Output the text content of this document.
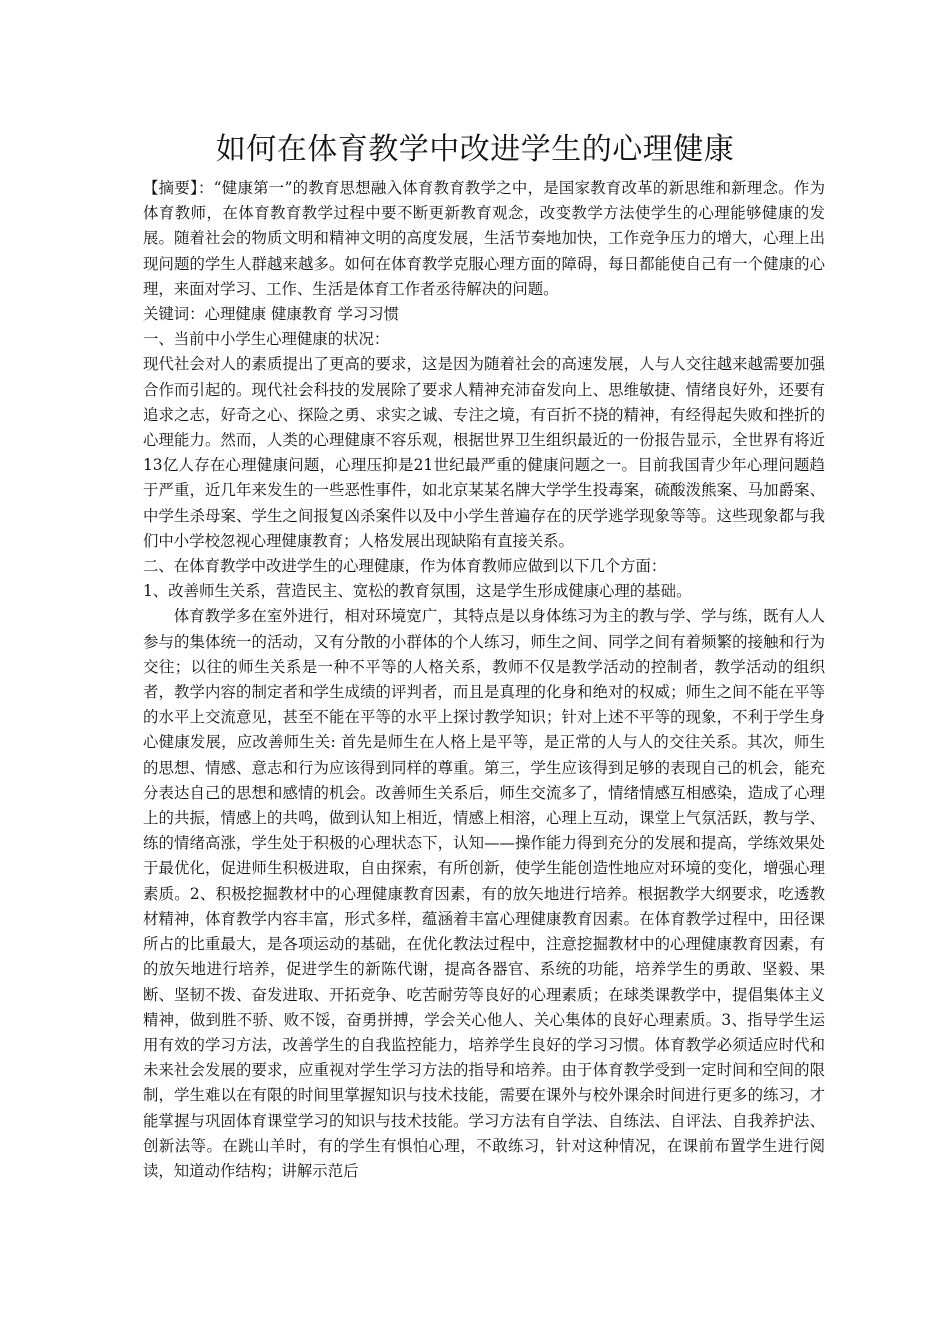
如何在体育教学中改进学生的心理健康

【摘要】：“健康第一”的教育思想融入体育教育教学之中，是国家教育改革的新思维和新理念。作为体育教师，在体育教育教学过程中要不断更新教育观念，改变教学方法使学生的心理能够健康的发展。随着社会的物质文明和精神文明的高度发展，生活节奏地加快，工作竞争压力的增大，心理上出现问题的学生人群越来越多。如何在体育教学克服心理方面的障碍，每日都能使自己有一个健康的心理，来面对学习、工作、生活是体育工作者丞待解决的问题。

关键词：心理健康 健康教育 学习习惯

一、当前中小学生心理健康的状况：

现代社会对人的素质提出了更高的要求，这是因为随着社会的高速发展，人与人交往越来越需要加强合作而引起的。现代社会科技的发展除了要求人精神充沛奋发向上、思维敏捷、情绪良好外，还要有追求之志，好奇之心、探险之勇、求实之诚、专注之境，有百折不挠的精神，有经得起失败和挫折的心理能力。然而，人类的心理健康不容乐观，根据世界卫生组织最近的一份报告显示，全世界有将近13亿人存在心理健康问题，心理压抑是21世纪最严重的健康问题之一。目前我国青少年心理问题趋于严重，近几年来发生的一些恶性事件，如北京某某名牌大学学生投毒案，硫酸泼熊案、马加爵案、中学生杀母案、学生之间报复凶杀案件以及中小学生普遍存在的厌学逃学现象等等。这些现象都与我们中小学校忽视心理健康教育；人格发展出现缺陷有直接关系。

二、在体育教学中改进学生的心理健康，作为体育教师应做到以下几个方面：

1、改善师生关系，营造民主、宽松的教育氛围，这是学生形成健康心理的基础。

体育教学多在室外进行，相对环境宽广，其特点是以身体练习为主的教与学、学与练，既有人人参与的集体统一的活动，又有分散的小群体的个人练习，师生之间、同学之间有着频繁的接触和行为交往；以往的师生关系是一种不平等的人格关系，教师不仅是教学活动的控制者，教学活动的组织者，教学内容的制定者和学生成绩的评判者，而且是真理的化身和绝对的权威；师生之间不能在平等的水平上交流意见，甚至不能在平等的水平上探讨教学知识；针对上述不平等的现象，不利于学生身心健康发展，应改善师生关: 首先是师生在人格上是平等，是正常的人与人的交往关系。其次，师生的思想、情感、意志和行为应该得到同样的尊重。第三，学生应该得到足够的表现自己的机会，能充分表达自己的思想和感情的机会。改善师生关系后，师生交流多了，情绪情感互相感染，造成了心理上的共振，情感上的共鸣，做到认知上相近，情感上相溶，心理上互动，课堂上气氛活跃，教与学、练的情绪高涨，学生处于积极的心理状态下，认知——操作能力得到充分的发展和提高，学练效果处于最优化，促进师生积极进取，自由探索，有所创新，使学生能创造性地应对环境的变化，增强心理素质。2、积极挖掘教材中的心理健康教育因素，有的放矢地进行培养。根据教学大纲要求，吃透教材精神，体育教学内容丰富，形式多样，蕴涵着丰富心理健康教育因素。在体育教学过程中，田径课所占的比重最大，是各项运动的基础，在优化教法过程中，注意挖掘教材中的心理健康教育因素，有的放矢地进行培养，促进学生的新陈代谢，提高各器官、系统的功能，培养学生的勇敢、坚毅、果断、坚韧不拨、奋发进取、开拓竞争、吃苦耐劳等良好的心理素质；在球类课教学中，提倡集体主义精神，做到胜不骄、败不馁，奋勇拼搏，学会关心他人、关心集体的良好心理素质。3、指导学生运用有效的学习方法，改善学生的自我监控能力，培养学生良好的学习习惯。体育教学必须适应时代和未来社会发展的要求，应重视对学生学习方法的指导和培养。由于体育教学受到一定时间和空间的限制，学生难以在有限的时间里掌握知识与技术技能，需要在课外与校外课余时间进行更多的练习，才能掌握与巩固体育课堂学习的知识与技术技能。学习方法有自学法、自练法、自评法、自我养护法、创新法等。在跳山羊时，有的学生有惧怕心理，不敢练习，针对这种情况，在课前布置学生进行阅读，知道动作结构；讲解示范后
